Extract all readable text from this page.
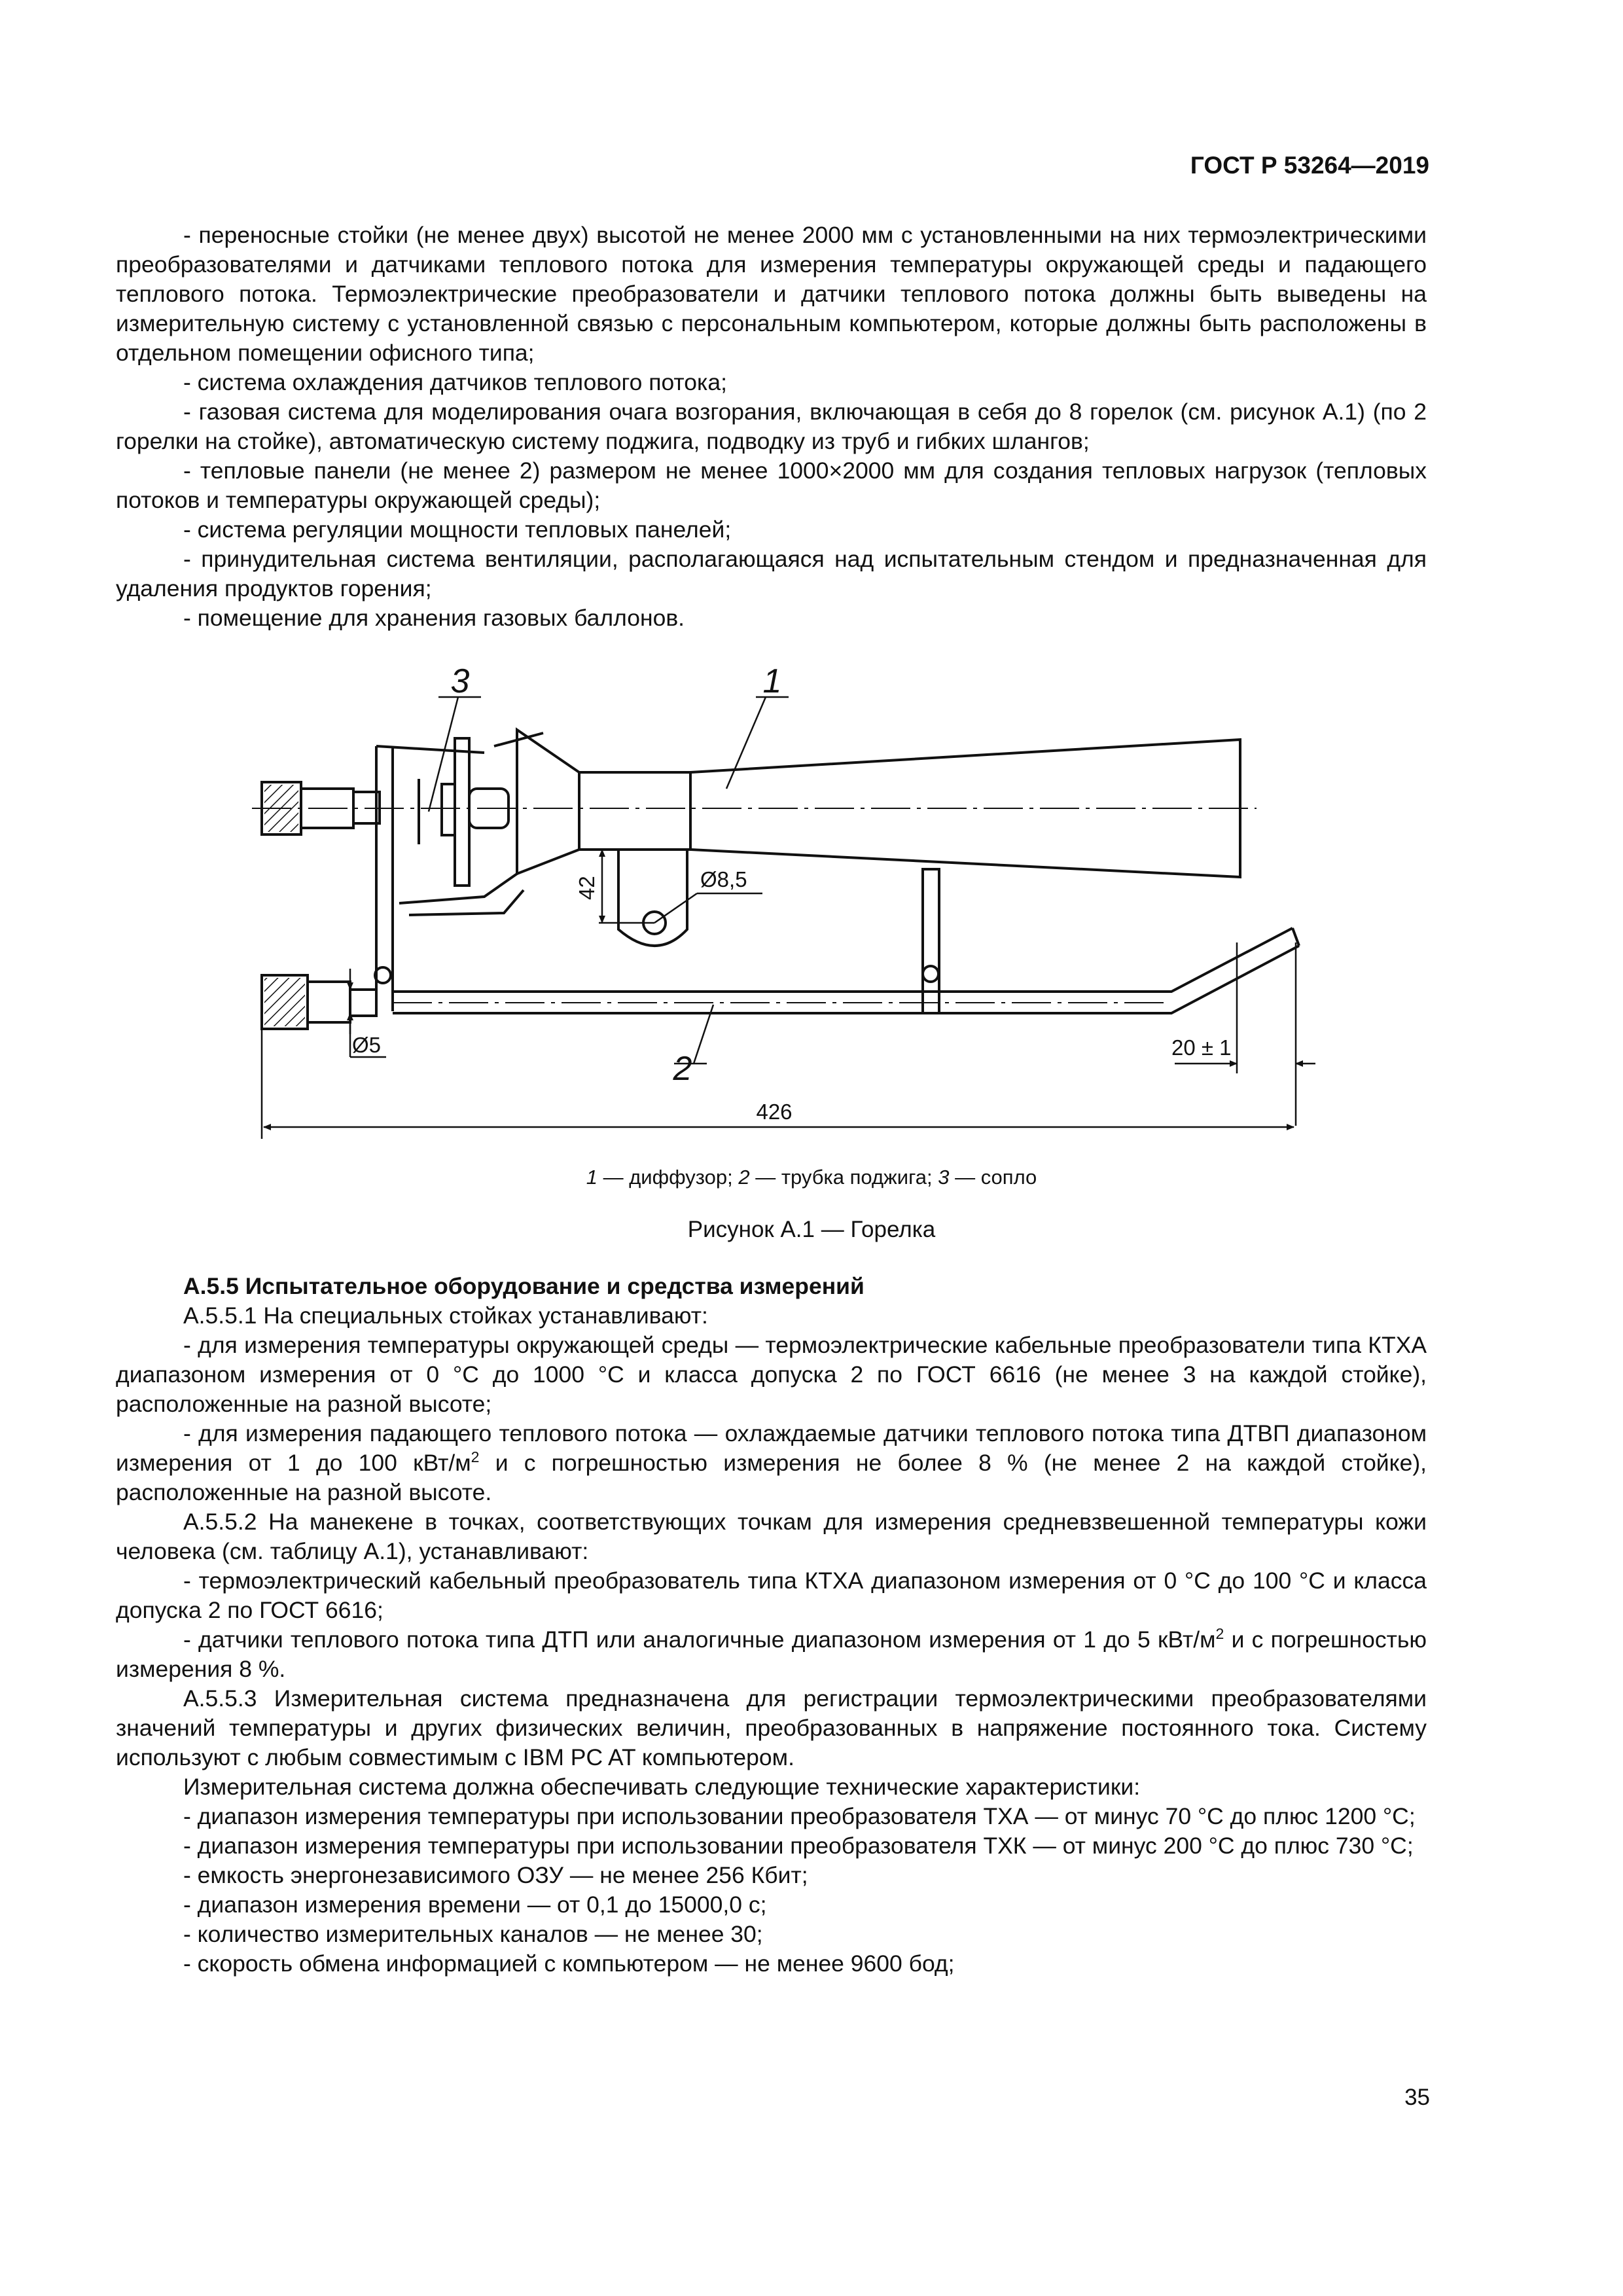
ГОСТ Р 53264—2019

- переносные стойки (не менее двух) высотой не менее 2000 мм с установленными на них термоэлектрическими преобразователями и датчиками теплового потока для измерения температуры окружающей среды и падающего теплового потока. Термоэлектрические преобразователи и датчики теплового потока должны быть выведены на измерительную систему с установленной связью с персональным компьютером, которые должны быть расположены в отдельном помещении офисного типа;

- система охлаждения датчиков теплового потока;

- газовая система для моделирования очага возгорания, включающая в себя до 8 горелок (см. рисунок А.1) (по 2 горелки на стойке), автоматическую систему поджига, подводку из труб и гибких шлангов;

- тепловые панели (не менее 2) размером не менее 1000×2000 мм для создания тепловых нагрузок (тепловых потоков и температуры окружающей среды);

- система регуляции мощности тепловых панелей;

- принудительная система вентиляции, располагающаяся над испытательным стендом и предназначенная для удаления продуктов горения;

- помещение для хранения газовых баллонов.

3	1
2
42	Ø8,5
Ø5	20 ± 1
426
1 — диффузор; 2 — трубка поджига; 3 — сопло
Рисунок А.1 — Горелка

А.5.5 Испытательное оборудование и средства измерений

А.5.5.1 На специальных стойках устанавливают:

- для измерения температуры окружающей среды — термоэлектрические кабельные преобразователи типа КТХА диапазоном измерения от 0 °С до 1000 °С и класса допуска 2 по ГОСТ 6616 (не менее 3 на каждой стойке), расположенные на разной высоте;

- для измерения падающего теплового потока — охлаждаемые датчики теплового потока типа ДТВП диапазоном измерения от 1 до 100 кВт/$м^2$ и с погрешностью измерения не более 8 % (не менее 2 на каждой стойке), расположенные на разной высоте.

А.5.5.2 На манекене в точках, соответствующих точкам для измерения средневзвешенной температуры кожи человека (см. таблицу А.1), устанавливают:

- термоэлектрический кабельный преобразователь типа КТХА диапазоном измерения от 0 °С до 100 °С и класса допуска 2 по ГОСТ 6616;

- датчики теплового потока типа ДТП или аналогичные диапазоном измерения от 1 до 5 кВт/$м^2$ и с погрешностью измерения 8 %.

А.5.5.3 Измерительная система предназначена для регистрации термоэлектрическими преобразователями значений температуры и других физических величин, преобразованных в напряжение постоянного тока. Систему используют с любым совместимым с IBM PC AT компьютером.

Измерительная система должна обеспечивать следующие технические характеристики:

- диапазон измерения температуры при использовании преобразователя ТХА — от минус 70 °С до плюс 1200 °С;

- диапазон измерения температуры при использовании преобразователя ТХК — от минус 200 °С до плюс 730 °С;

- емкость энергонезависимого ОЗУ — не менее 256 Кбит;

- диапазон измерения времени — от 0,1 до 15000,0 с;

- количество измерительных каналов — не менее 30;

- скорость обмена информацией с компьютером — не менее 9600 бод;

35
